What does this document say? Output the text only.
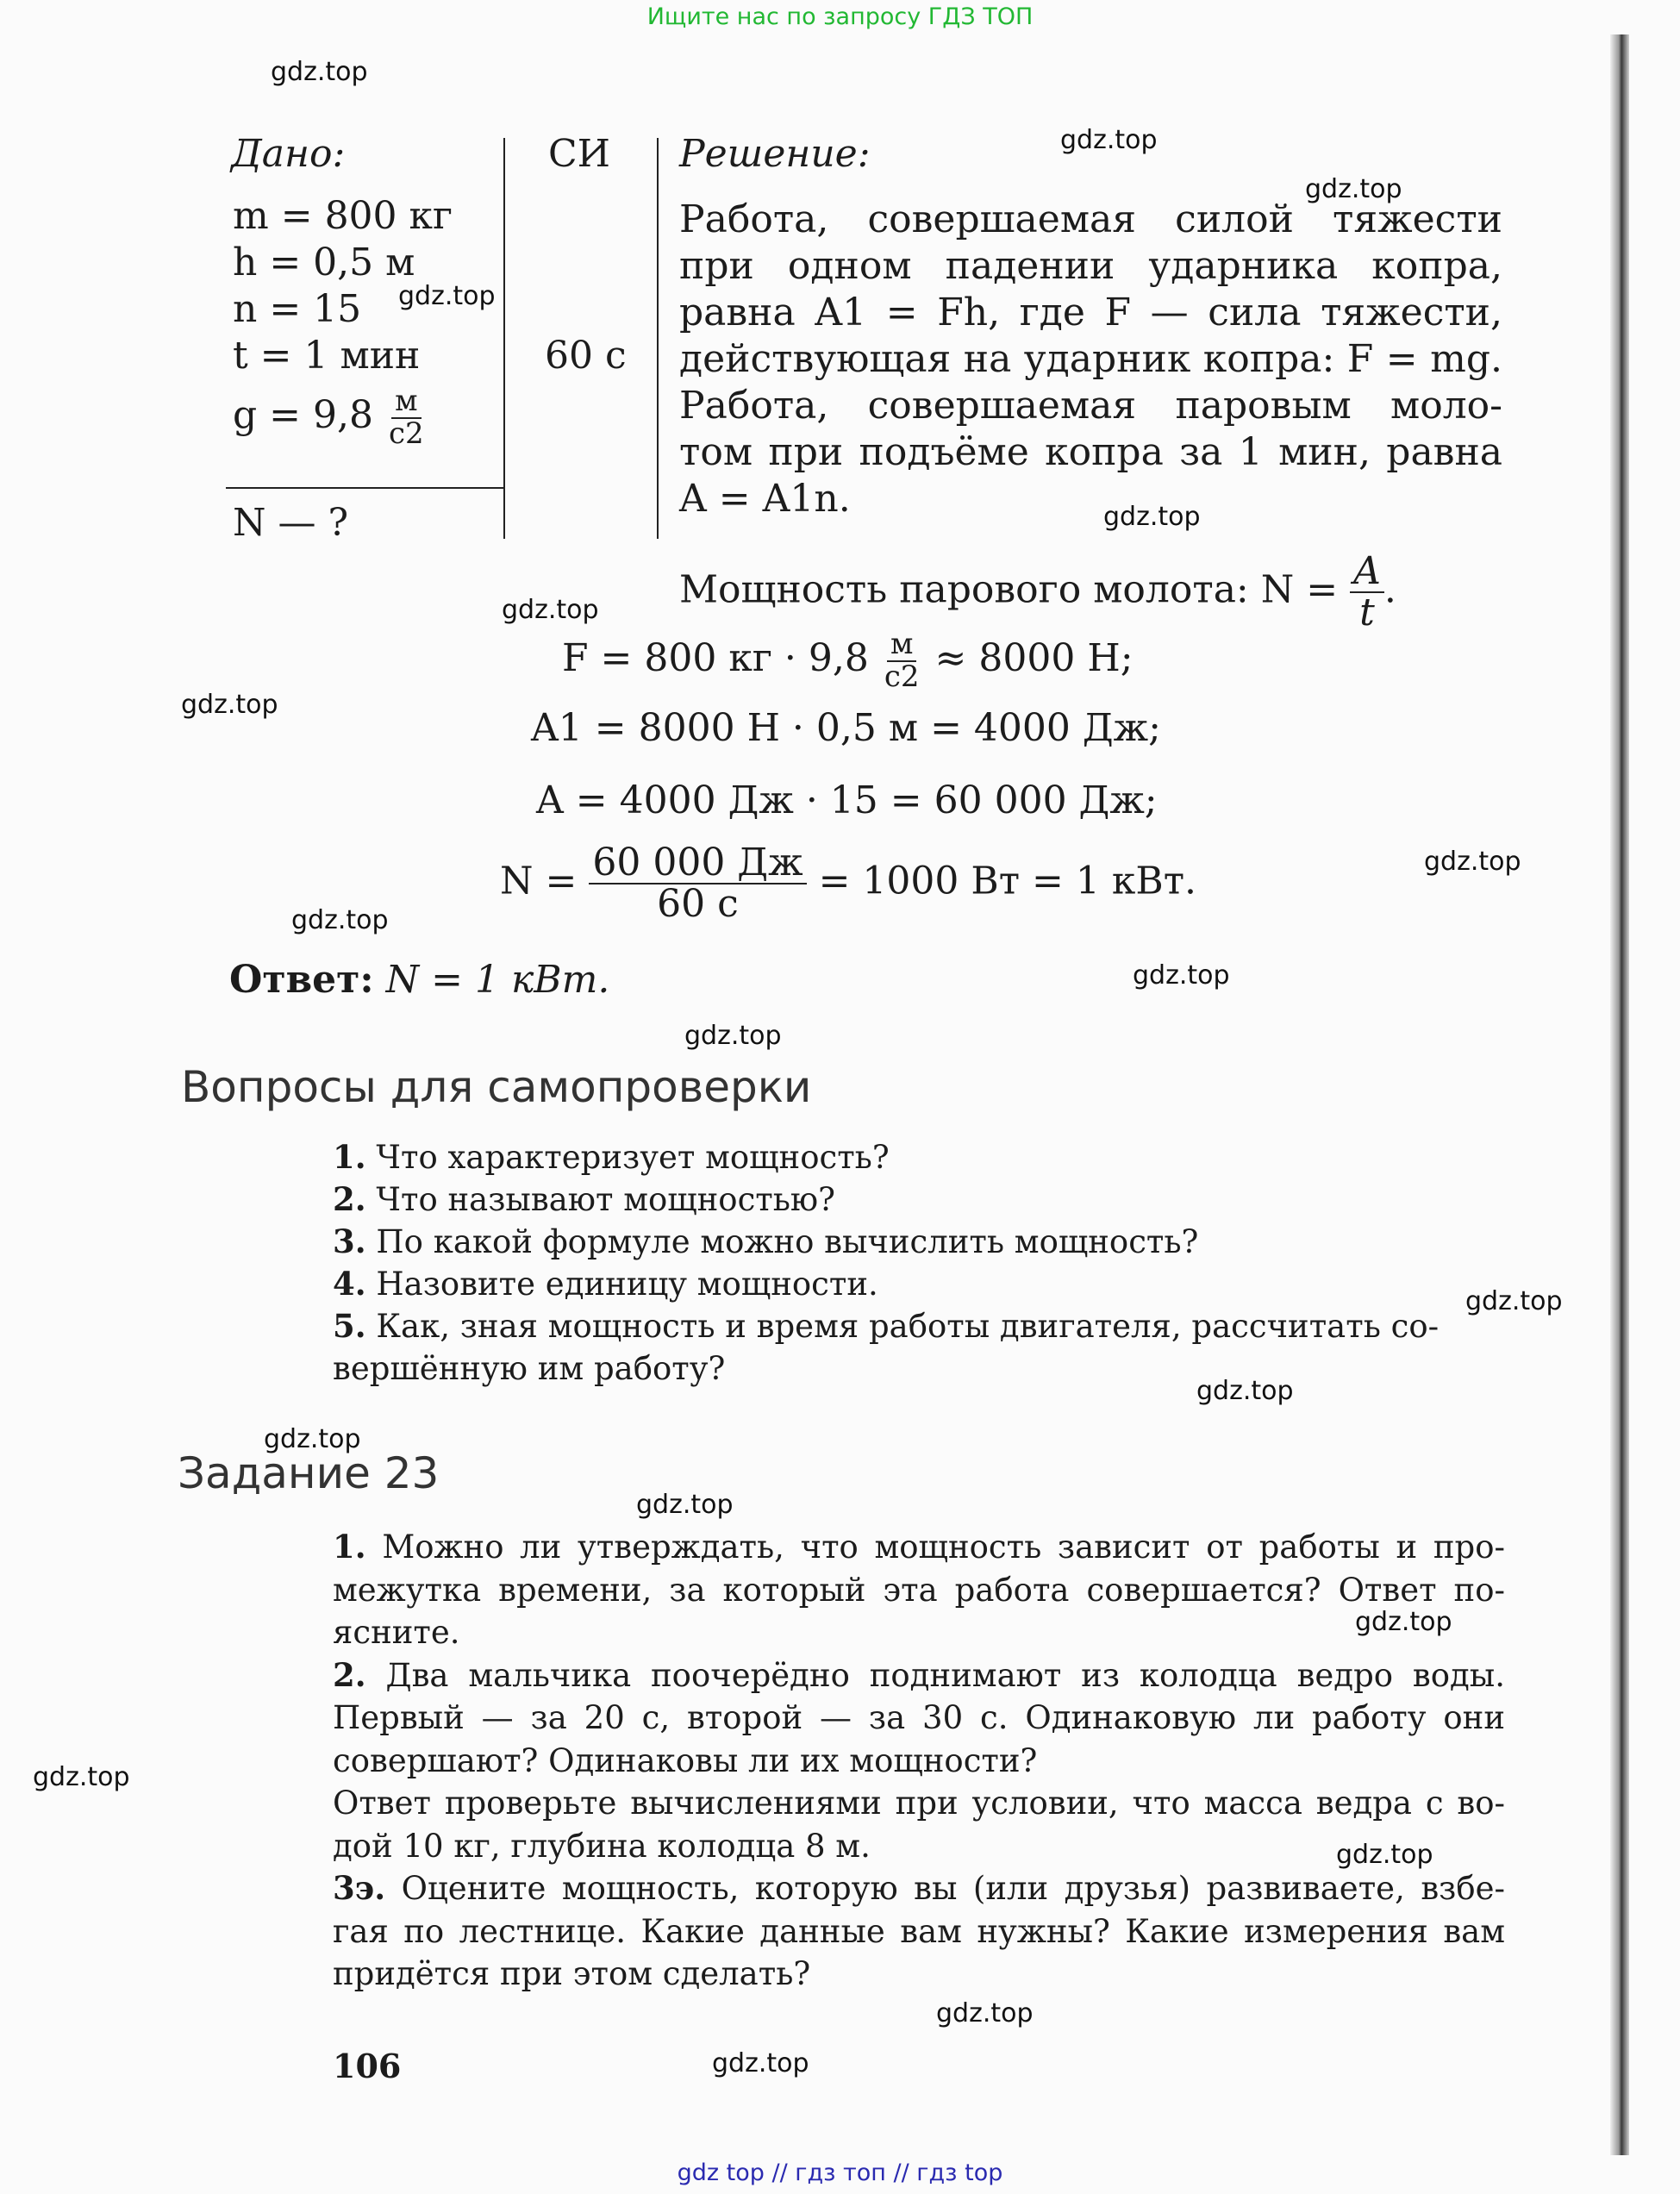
Ищите нас по запросу ГДЗ ТОП
Дано:	СИ Решение:
m = 800 кг
h = 0,5 м
n = 15
t = 1 мин	60 с
$g = 9,8 \frac{м}{с2}$
N — ?

Работа, совершаемая силой тяжести

при одном падении ударника копра,

равна A1 = Fh, где F — сила тяжести,

действующая на ударник копра: F = mg.

Работа, совершаемая паровым моло-

том при подъёме копра за 1 мин, равна

A = A1n.

Мощность парового молота: $N = \frac{A}{t}$ .
F = 800 кг · $9,8 \frac{м}{с2} \approx 8000$ Н;
A1 = 8000 Н · 0,5 м = 4000 Дж;
A = 4000 Дж · 15 = 60 000 Дж;
$N = \frac{60 000 Дж}{60 с} = 1000$ Вт = 1 кВт.
Ответ: N = 1 кВт.
Вопросы для самопроверки

1. Что характеризует мощность?

2. Что называют мощностью?

3. По какой формуле можно вычислить мощность?

4. Назовите единицу мощности.

5. Как, зная мощность и время работы двигателя, рассчитать со-

вершённую им работу?

Задание 23

1. Можно ли утверждать, что мощность зависит от работы и про- межутка времени, за который эта работа совершается? Ответ по- ясните.

2. Два мальчика поочерёдно поднимают из колодца ведро воды. Первый — за 20 с, второй — за 30 с. Одинаковую ли работу они совершают? Одинаковы ли их мощности?

Ответ проверьте вычислениями при условии, что масса ведра с во- дой 10 кг, глубина колодца 8 м.

3э. Оцените мощность, которую вы (или друзья) развиваете, взбе- гая по лестнице. Какие данные вам нужны? Какие измерения вам придётся при этом сделать?

106
gdz.top
gdz.top
gdz.top
gdz.top
gdz.top
gdz.top
gdz.top
gdz.top
gdz.top
gdz.top
gdz.top
gdz.top
gdz.top
gdz.top
gdz.top
gdz.top
gdz.top
gdz.top
gdz.top
gdz.top
gdz top // гдз топ // гдз top
